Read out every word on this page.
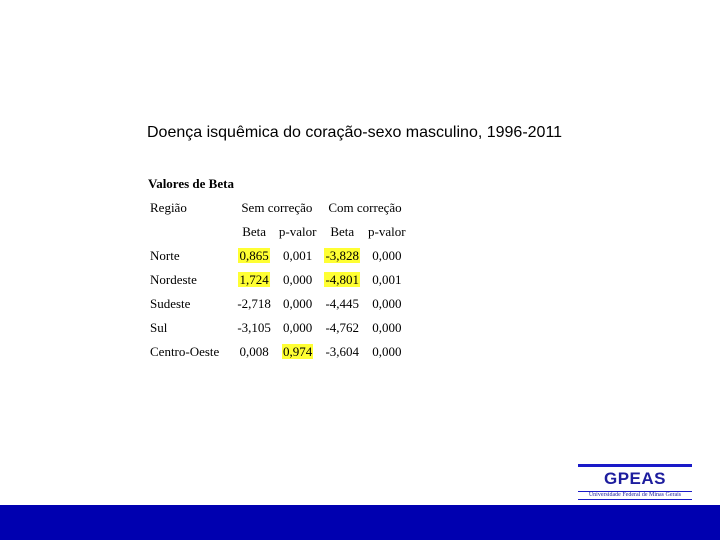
Doença isquêmica do coração-sexo masculino, 1996-2011
Valores de Beta
Região	Sem correção		Com correção	
	Beta	p-valor	Beta	p-valor
Norte	0,865	0,001	-3,828	0,000
Nordeste	1,724	0,000	-4,801	0,001
Sudeste	-2,718	0,000	-4,445	0,000
Sul	-3,105	0,000	-4,762	0,000
Centro-Oeste	0,008	0,974	-3,604	0,000
GPEAS
Universidade Federal de Minas Gerais
